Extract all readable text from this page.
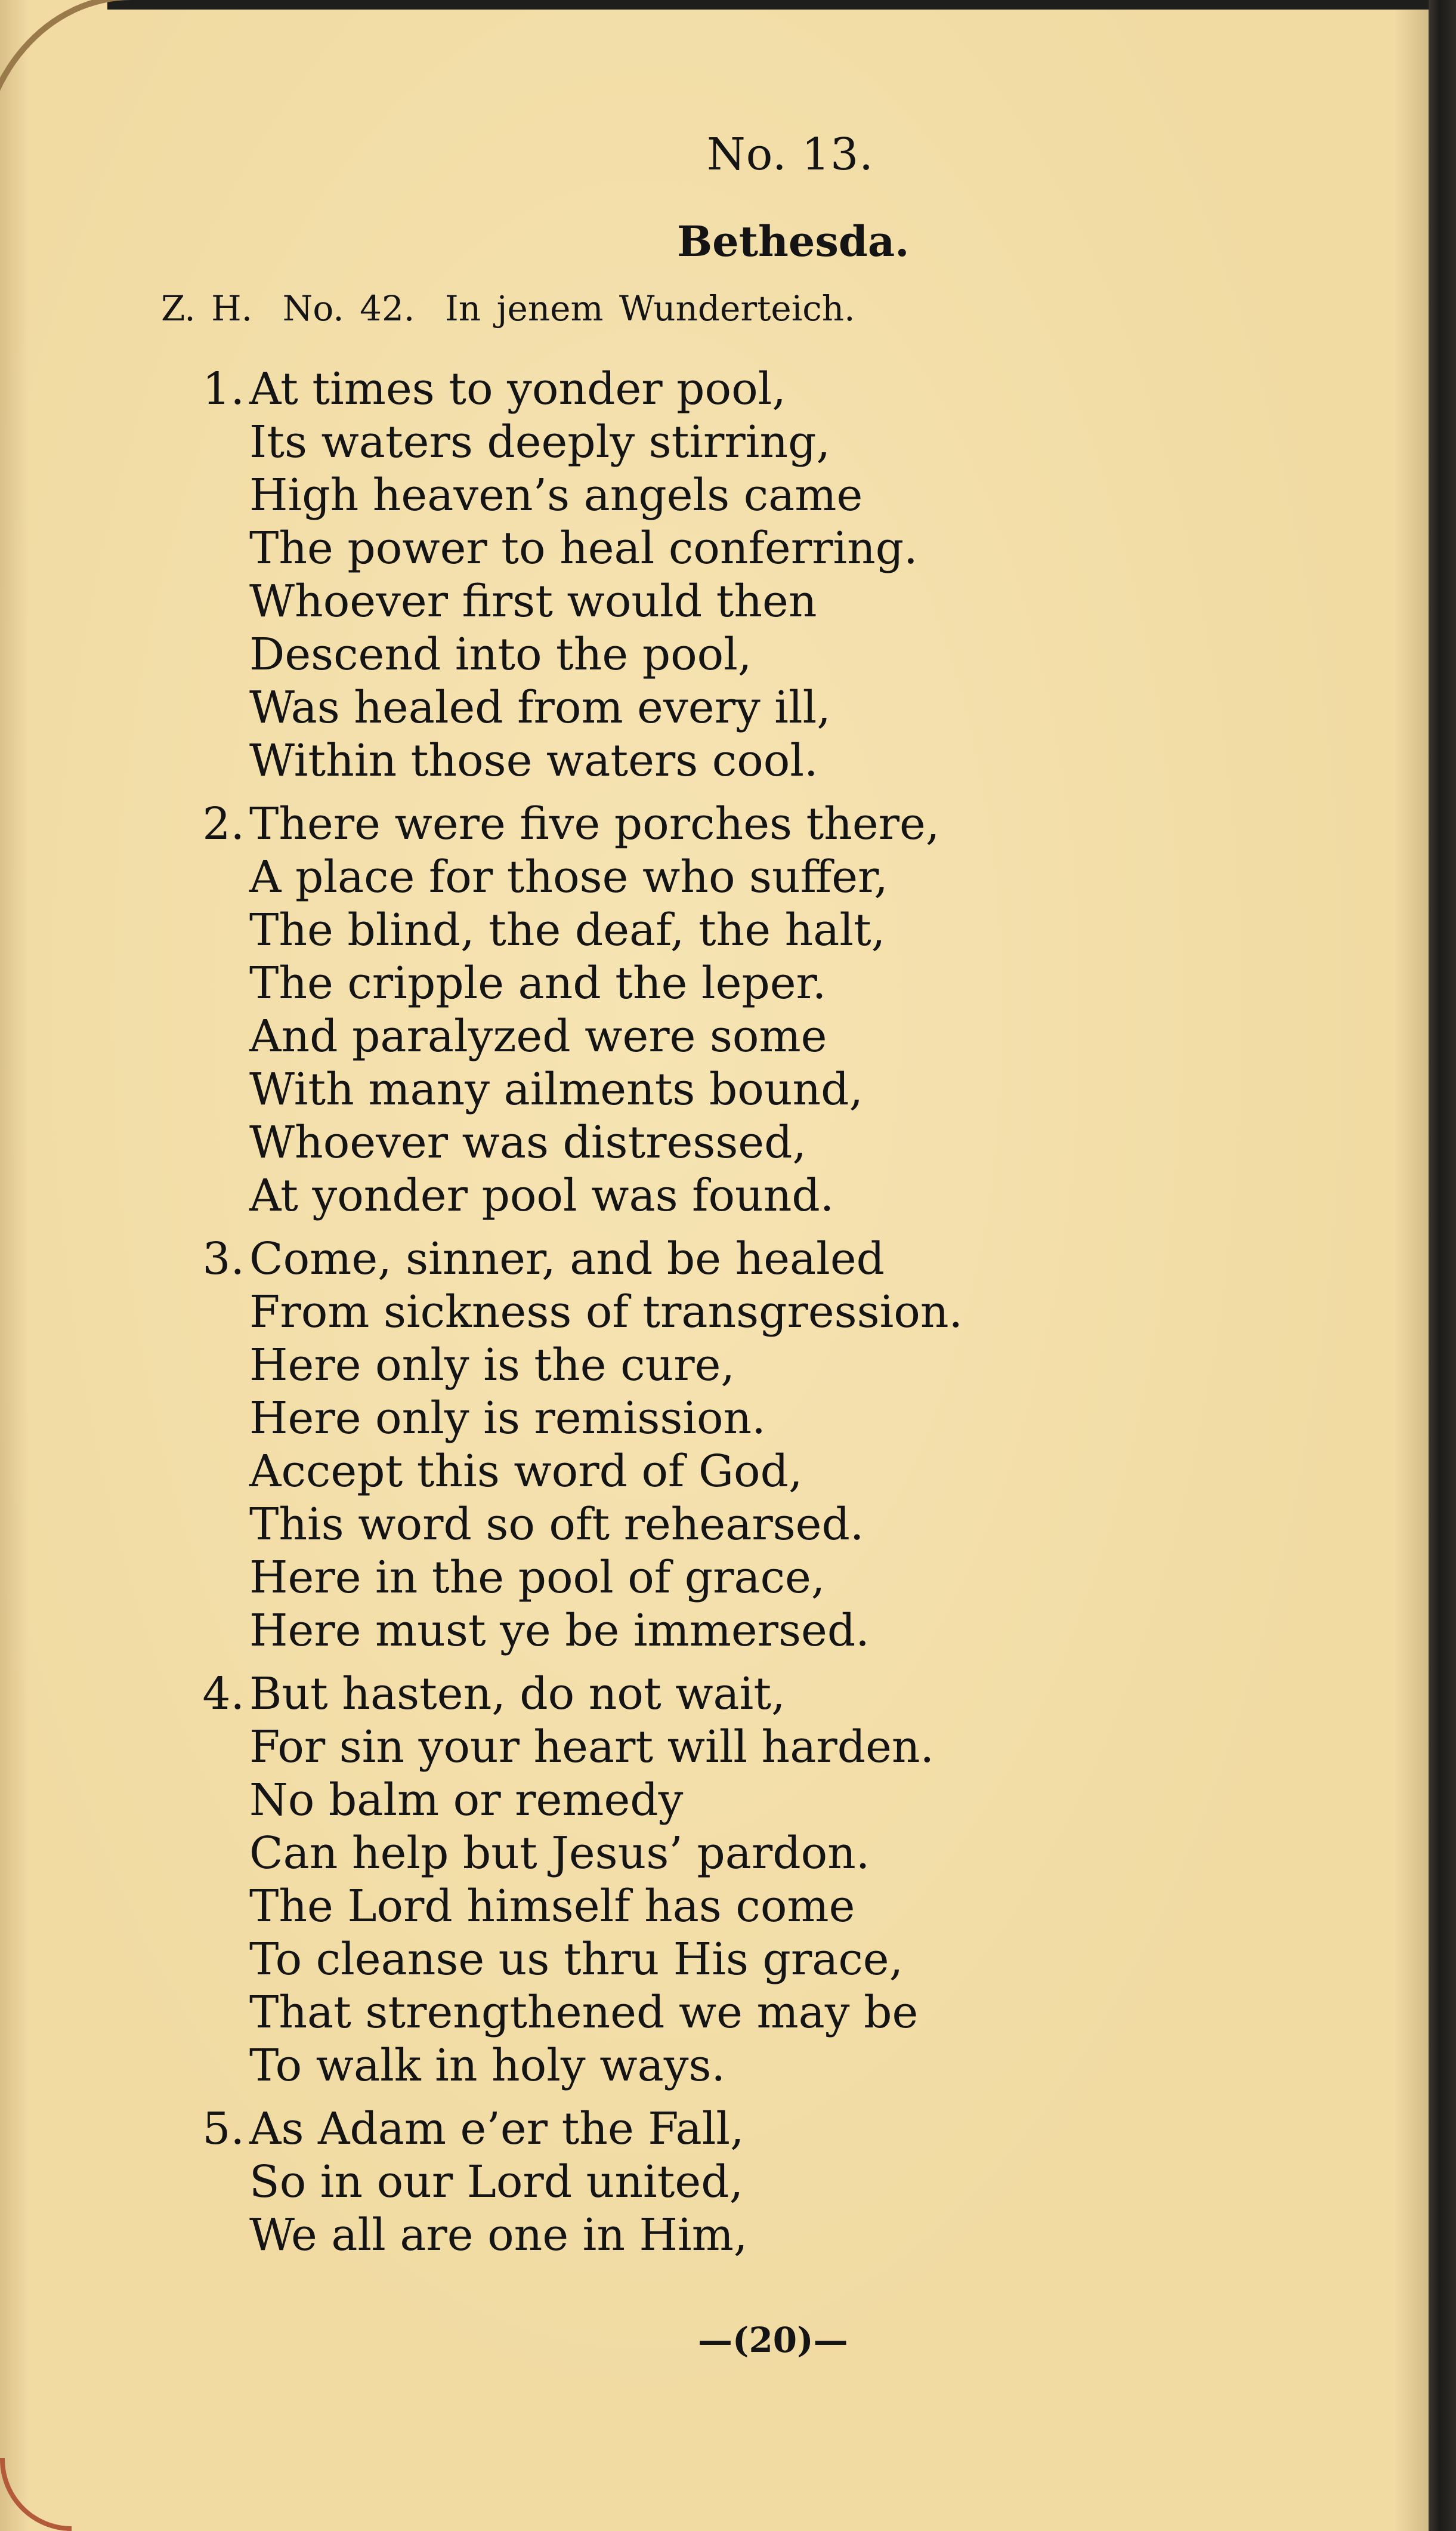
No. 13.
Bethesda.
Z. H. No. 42. In jenem Wunderteich.
1. At times to yonder pool,
Its waters deeply stirring,
High heaven’s angels came
The power to heal conferring.
Whoever first would then
Descend into the pool,
Was healed from every ill,
Within those waters cool.
2. There were five porches there,
A place for those who suffer,
The blind, the deaf, the halt,
The cripple and the leper.
And paralyzed were some
With many ailments bound,
Whoever was distressed,
At yonder pool was found.
3. Come, sinner, and be healed
From sickness of transgression.
Here only is the cure,
Here only is remission.
Accept this word of God,
This word so oft rehearsed.
Here in the pool of grace,
Here must ye be immersed.
4. But hasten, do not wait,
For sin your heart will harden.
No balm or remedy
Can help but Jesus’ pardon.
The Lord himself has come
To cleanse us thru His grace,
That strengthened we may be
To walk in holy ways.
5. As Adam e’er the Fall,
So in our Lord united,
We all are one in Him,
—(20)—
